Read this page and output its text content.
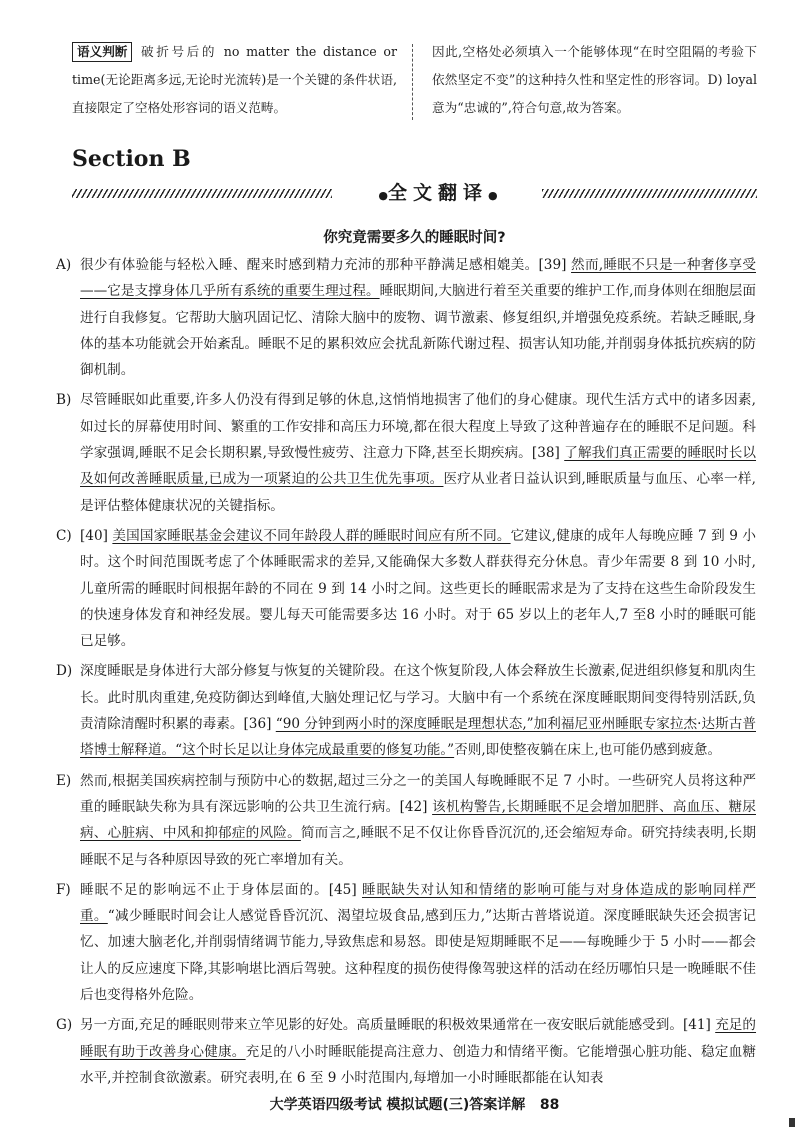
语义判断 破折号后的 no matter the distance or time(无论距离多远,无论时光流转)是一个关键的条件状语,直接限定了空格处形容词的语义范畴。
因此,空格处必须填入一个能够体现“在时空阻隔的考验下依然坚定不变”的这种持久性和坚定性的形容词。D) loyal 意为“忠诚的”,符合句意,故为答案。
Section B
●全文翻译●
你究竟需要多久的睡眠时间?
A) 很少有体验能与轻松入睡、醒来时感到精力充沛的那种平静满足感相媲美。[39] 然而,睡眠不只是一种奢侈享受——它是支撑身体几乎所有系统的重要生理过程。睡眠期间,大脑进行着至关重要的维护工作,而身体则在细胞层面进行自我修复。它帮助大脑巩固记忆、清除大脑中的废物、调节激素、修复组织,并增强免疫系统。若缺乏睡眠,身体的基本功能就会开始紊乱。睡眠不足的累积效应会扰乱新陈代谢过程、损害认知功能,并削弱身体抵抗疾病的防御机制。
B) 尽管睡眠如此重要,许多人仍没有得到足够的休息,这悄悄地损害了他们的身心健康。现代生活方式中的诸多因素,如过长的屏幕使用时间、繁重的工作安排和高压力环境,都在很大程度上导致了这种普遍存在的睡眠不足问题。科学家强调,睡眠不足会长期积累,导致慢性疲劳、注意力下降,甚至长期疾病。[38] 了解我们真正需要的睡眠时长以及如何改善睡眠质量,已成为一项紧迫的公共卫生优先事项。医疗从业者日益认识到,睡眠质量与血压、心率一样,是评估整体健康状况的关键指标。
C) [40] 美国国家睡眠基金会建议不同年龄段人群的睡眠时间应有所不同。它建议,健康的成年人每晚应睡 7 到 9 小时。这个时间范围既考虑了个体睡眠需求的差异,又能确保大多数人群获得充分休息。青少年需要 8 到 10 小时,儿童所需的睡眠时间根据年龄的不同在 9 到 14 小时之间。这些更长的睡眠需求是为了支持在这些生命阶段发生的快速身体发育和神经发展。婴儿每天可能需要多达 16 小时。对于 65 岁以上的老年人,7 至8 小时的睡眠可能已足够。
D) 深度睡眠是身体进行大部分修复与恢复的关键阶段。在这个恢复阶段,人体会释放生长激素,促进组织修复和肌肉生长。此时肌肉重建,免疫防御达到峰值,大脑处理记忆与学习。大脑中有一个系统在深度睡眠期间变得特别活跃,负责清除清醒时积累的毒素。[36] “90 分钟到两小时的深度睡眠是理想状态,”加利福尼亚州睡眠专家拉杰·达斯古普塔博士解释道。“这个时长足以让身体完成最重要的修复功能。”否则,即使整夜躺在床上,也可能仍感到疲惫。
E) 然而,根据美国疾病控制与预防中心的数据,超过三分之一的美国人每晚睡眠不足 7 小时。一些研究人员将这种严重的睡眠缺失称为具有深远影响的公共卫生流行病。[42] 该机构警告,长期睡眠不足会增加肥胖、高血压、糖尿病、心脏病、中风和抑郁症的风险。简而言之,睡眠不足不仅让你昏昏沉沉的,还会缩短寿命。研究持续表明,长期睡眠不足与各种原因导致的死亡率增加有关。
F) 睡眠不足的影响远不止于身体层面的。[45] 睡眠缺失对认知和情绪的影响可能与对身体造成的影响同样严重。“减少睡眠时间会让人感觉昏昏沉沉、渴望垃圾食品,感到压力,”达斯古普塔说道。深度睡眠缺失还会损害记忆、加速大脑老化,并削弱情绪调节能力,导致焦虑和易怒。即使是短期睡眠不足——每晚睡少于 5 小时——都会让人的反应速度下降,其影响堪比酒后驾驶。这种程度的损伤使得像驾驶这样的活动在经历哪怕只是一晚睡眠不佳后也变得格外危险。
G) 另一方面,充足的睡眠则带来立竿见影的好处。高质量睡眠的积极效果通常在一夜安眠后就能感受到。[41] 充足的睡眠有助于改善身心健康。充足的八小时睡眠能提高注意力、创造力和情绪平衡。它能增强心脏功能、稳定血糖水平,并控制食欲激素。研究表明,在 6 至 9 小时范围内,每增加一小时睡眠都能在认知表
大学英语四级考试 模拟试题(三)答案详解 88
